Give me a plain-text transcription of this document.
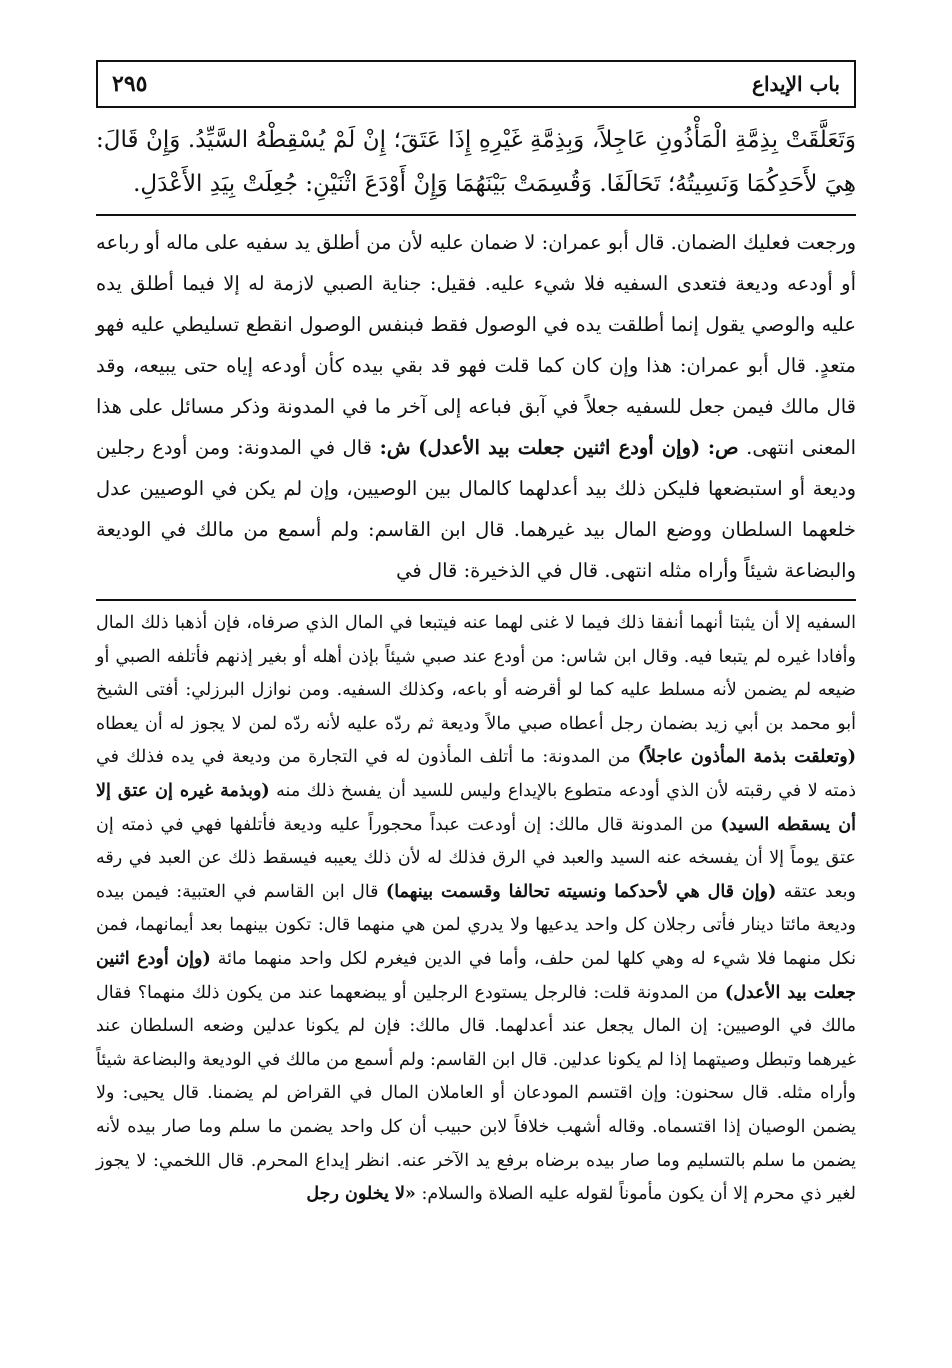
باب الإيداع
٢٩٥

وَتَعَلَّقَتْ بِذِمَّةِ الْمَأْذُونِ عَاجِلاً، وَبِذِمَّةِ غَيْرِهِ إِذَا عَتَقَ؛ إِنْ لَمْ يُسْقِطْهُ السَّيِّدُ. وَإِنْ قَالَ: هِيَ لأَحَدِكُمَا وَنَسِيتُهُ؛ تَحَالَفَا. وَقُسِمَتْ بَيْنَهُمَا وَإِنْ أَوْدَعَ اثْنَيْنِ: جُعِلَتْ بِيَدِ الأَعْدَلِ.

ورجعت فعليك الضمان. قال أبو عمران: لا ضمان عليه لأن من أطلق يد سفيه على ماله أو رباعه أو أودعه وديعة فتعدى السفيه فلا شيء عليه. فقيل: جناية الصبي لازمة له إلا فيما أطلق يده عليه والوصي يقول إنما أطلقت يده في الوصول فقط فبنفس الوصول انقطع تسليطي عليه فهو متعدٍ. قال أبو عمران: هذا وإن كان كما قلت فهو قد بقي بيده كأن أودعه إياه حتى يبيعه، وقد قال مالك فيمن جعل للسفيه جعلاً في آبق فباعه إلى آخر ما في المدونة وذكر مسائل على هذا المعنى انتهى. ص: (وإن أودع اثنين جعلت بيد الأعدل) ش: قال في المدونة: ومن أودع رجلين وديعة أو استبضعها فليكن ذلك بيد أعدلهما كالمال بين الوصيين، وإن لم يكن في الوصيين عدل خلعهما السلطان ووضع المال بيد غيرهما. قال ابن القاسم: ولم أسمع من مالك في الوديعة والبضاعة شيئاً وأراه مثله انتهى. قال في الذخيرة: قال في

السفيه إلا أن يثبتا أنهما أنفقا ذلك فيما لا غنى لهما عنه فيتبعا في المال الذي صرفاه، فإن أذهبا ذلك المال وأفادا غيره لم يتبعا فيه. وقال ابن شاس: من أودع عند صبي شيئاً بإذن أهله أو بغير إذنهم فأتلفه الصبي أو ضيعه لم يضمن لأنه مسلط عليه كما لو أقرضه أو باعه، وكذلك السفيه. ومن نوازل البرزلي: أفتى الشيخ أبو محمد بن أبي زيد بضمان رجل أعطاه صبي مالاً وديعة ثم ردّه عليه لأنه ردّه لمن لا يجوز له أن يعطاه (وتعلقت بذمة المأذون عاجلاً) من المدونة: ما أتلف المأذون له في التجارة من وديعة في يده فذلك في ذمته لا في رقبته لأن الذي أودعه متطوع بالإيداع وليس للسيد أن يفسخ ذلك منه (وبذمة غيره إن عتق إلا أن يسقطه السيد) من المدونة قال مالك: إن أودعت عبداً محجوراً عليه وديعة فأتلفها فهي في ذمته إن عتق يوماً إلا أن يفسخه عنه السيد والعبد في الرق فذلك له لأن ذلك يعيبه فيسقط ذلك عن العبد في رقه وبعد عتقه (وإن قال هي لأحدكما ونسيته تحالفا وقسمت بينهما) قال ابن القاسم في العتبية: فيمن بيده وديعة مائتا دينار فأتى رجلان كل واحد يدعيها ولا يدري لمن هي منهما قال: تكون بينهما بعد أيمانهما، فمن نكل منهما فلا شيء له وهي كلها لمن حلف، وأما في الدين فيغرم لكل واحد منهما مائة (وإن أودع اثنين جعلت بيد الأعدل) من المدونة قلت: فالرجل يستودع الرجلين أو يبضعهما عند من يكون ذلك منهما؟ فقال مالك في الوصيين: إن المال يجعل عند أعدلهما. قال مالك: فإن لم يكونا عدلين وضعه السلطان عند غيرهما وتبطل وصيتهما إذا لم يكونا عدلين. قال ابن القاسم: ولم أسمع من مالك في الوديعة والبضاعة شيئاً وأراه مثله. قال سحنون: وإن اقتسم المودعان أو العاملان المال في القراض لم يضمنا. قال يحيى: ولا يضمن الوصيان إذا اقتسماه. وقاله أشهب خلافاً لابن حبيب أن كل واحد يضمن ما سلم وما صار بيده لأنه يضمن ما سلم بالتسليم وما صار بيده برضاه برفع يد الآخر عنه. انظر إيداع المحرم. قال اللخمي: لا يجوز لغير ذي محرم إلا أن يكون مأموناً لقوله عليه الصلاة والسلام: «لا يخلون رجل
